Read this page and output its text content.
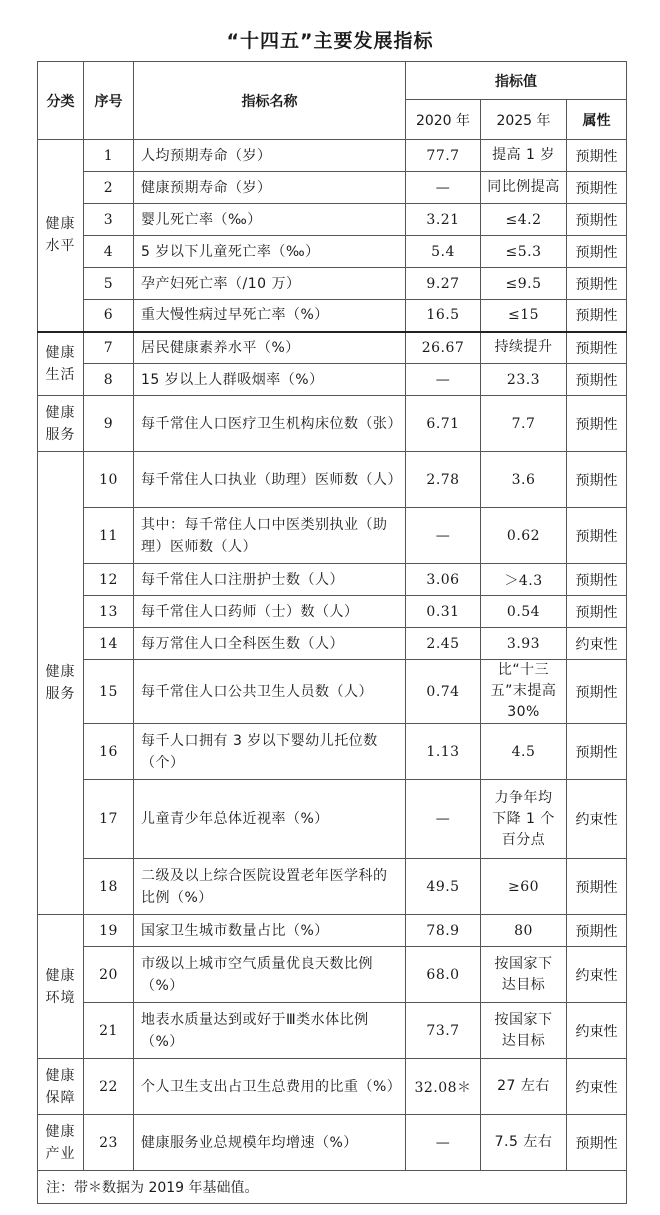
“十四五”主要发展指标
分类	序号	指标名称	指标值		
			2020 年	2025 年	属性
健康水平	1	人均预期寿命（岁）	77.7	提高 1 岁	预期性
	2	健康预期寿命（岁）	—	同比例提高	预期性
	3	婴儿死亡率（‰）	3.21	≤4.2	预期性
	4	5 岁以下儿童死亡率（‰）	5.4	≤5.3	预期性
	5	孕产妇死亡率（/10 万）	9.27	≤9.5	预期性
	6	重大慢性病过早死亡率（%）	16.5	≤15	预期性
健康生活	7	居民健康素养水平（%）	26.67	持续提升	预期性
	8	15 岁以上人群吸烟率（%）	—	23.3	预期性
健康服务	9	每千常住人口医疗卫生机构床位数（张）	6.71	7.7	预期性
健康服务	10	每千常住人口执业（助理）医师数（人）	2.78	3.6	预期性
	11	其中：每千常住人口中医类别执业（助理）医师数（人）	—	0.62	预期性
	12	每千常住人口注册护士数（人）	3.06	＞4.3	预期性
	13	每千常住人口药师（士）数（人）	0.31	0.54	预期性
	14	每万常住人口全科医生数（人）	2.45	3.93	约束性
	15	每千常住人口公共卫生人员数（人）	0.74	比“十三五”末提高 30%	预期性
	16	每千人口拥有 3 岁以下婴幼儿托位数（个）	1.13	4.5	预期性
	17	儿童青少年总体近视率（%）	—	力争年均下降 1 个百分点	约束性
	18	二级及以上综合医院设置老年医学科的比例（%）	49.5	≥60	预期性
健康环境	19	国家卫生城市数量占比（%）	78.9	80	预期性
	20	市级以上城市空气质量优良天数比例（%）	68.0	按国家下达目标	约束性
	21	地表水质量达到或好于Ⅲ类水体比例（%）	73.7	按国家下达目标	约束性
健康保障	22	个人卫生支出占卫生总费用的比重（%）	32.08＊	27 左右	约束性
健康产业	23	健康服务业总规模年均增速（%）	—	7.5 左右	预期性
注：带＊数据为 2019 年基础值。					
